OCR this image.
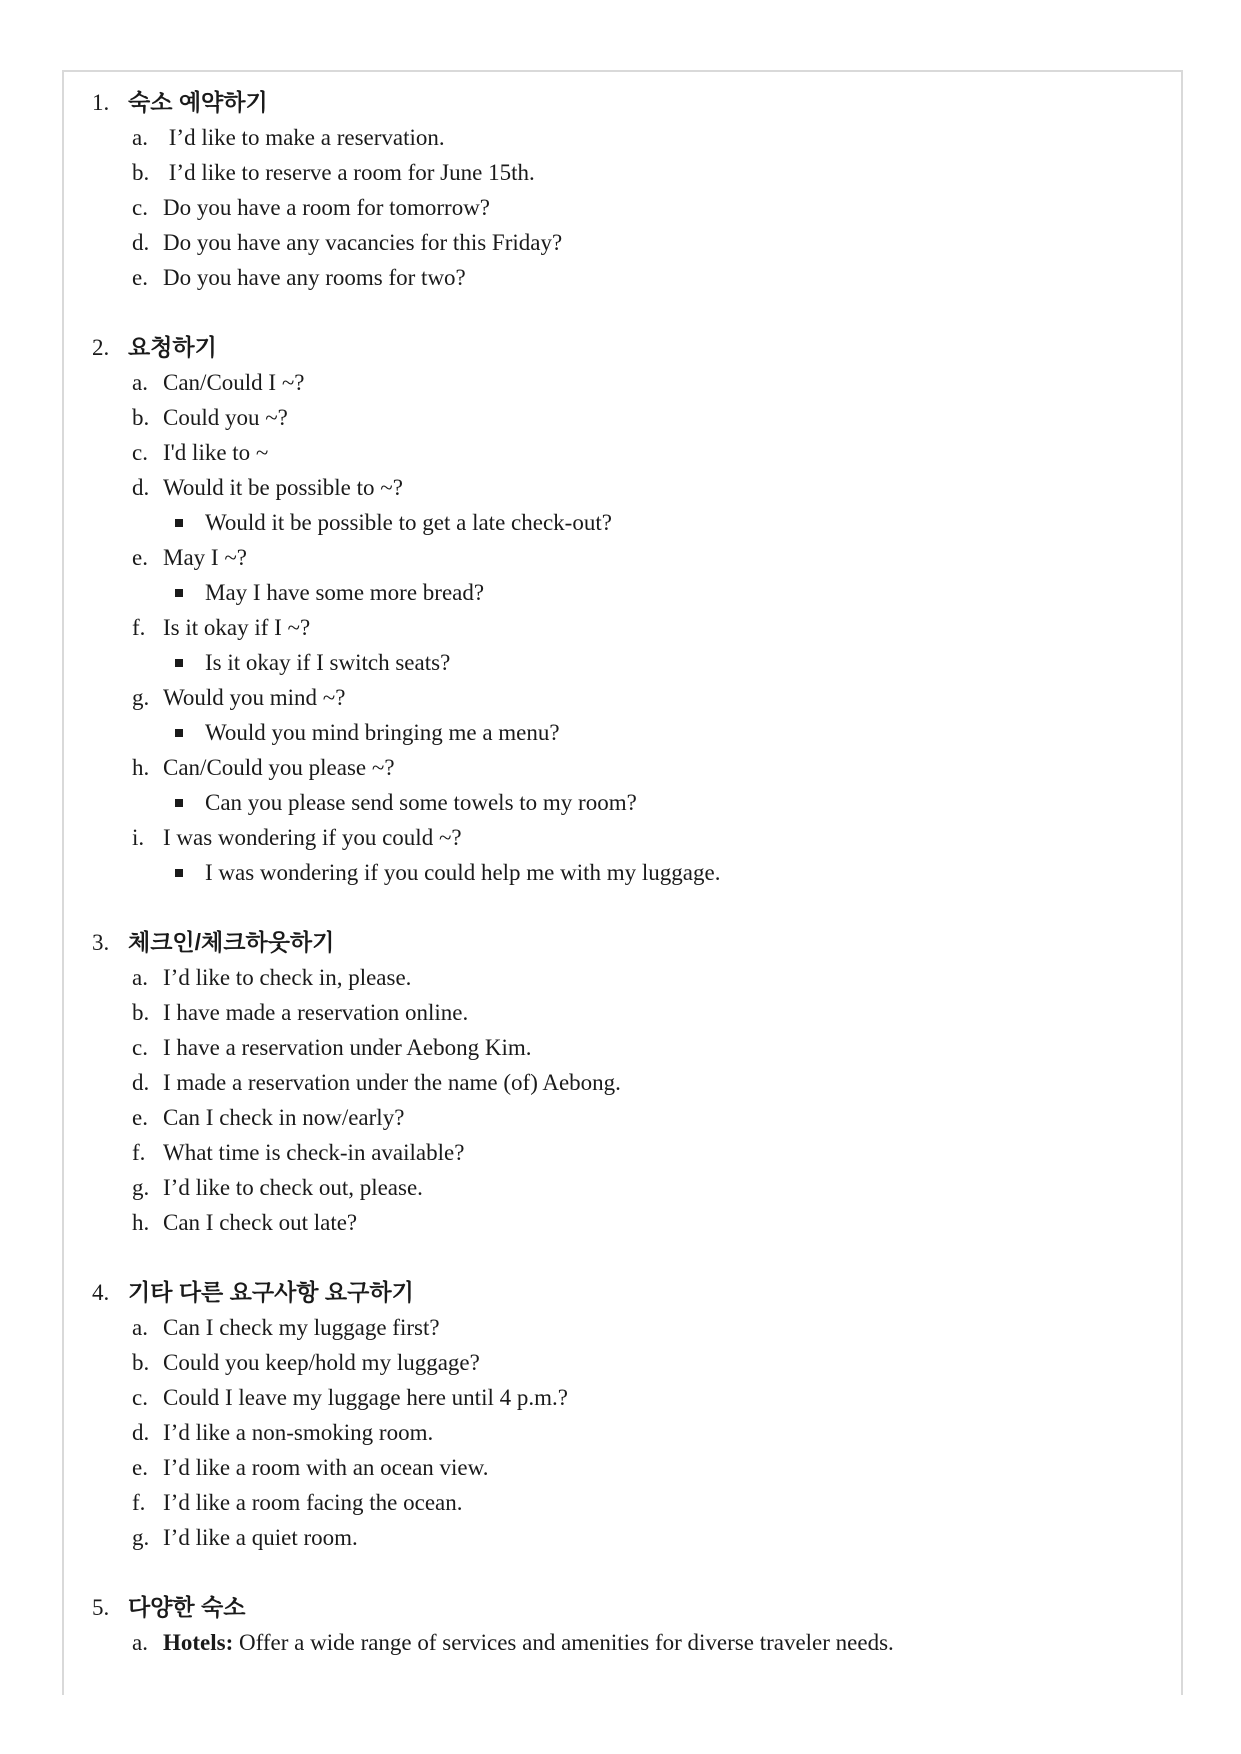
1. 숙소 예약하기
a. I’d like to make a reservation.
b. I’d like to reserve a room for June 15th.
c. Do you have a room for tomorrow?
d. Do you have any vacancies for this Friday?
e. Do you have any rooms for two?
2. 요청하기
a. Can/Could I ~?
b. Could you ~?
c. I'd like to ~
d. Would it be possible to ~?
Would it be possible to get a late check-out?
e. May I ~?
May I have some more bread?
f. Is it okay if I ~?
Is it okay if I switch seats?
g. Would you mind ~?
Would you mind bringing me a menu?
h. Can/Could you please ~?
Can you please send some towels to my room?
i. I was wondering if you could ~?
I was wondering if you could help me with my luggage.
3. 체크인/체크하웃하기
a. I’d like to check in, please.
b. I have made a reservation online.
c. I have a reservation under Aebong Kim.
d. I made a reservation under the name (of) Aebong.
e. Can I check in now/early?
f. What time is check-in available?
g. I’d like to check out, please.
h. Can I check out late?
4. 기타 다른 요구사항 요구하기
a. Can I check my luggage first?
b. Could you keep/hold my luggage?
c. Could I leave my luggage here until 4 p.m.?
d. I’d like a non-smoking room.
e. I’d like a room with an ocean view.
f. I’d like a room facing the ocean.
g. I’d like a quiet room.
5. 다양한 숙소
a. Hotels: Offer a wide range of services and amenities for diverse traveler needs.
